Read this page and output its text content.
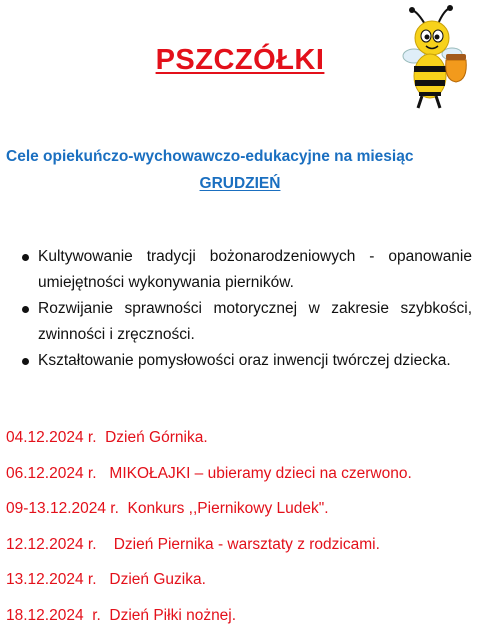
PSZCZÓŁKI
Cele opiekuńczo-wychowawczo-edukacyjne na miesiąc
GRUDZIEŃ
Kultywowanie tradycji bożonarodzeniowych - opanowanie umiejętności wykonywania pierników.
Rozwijanie sprawności motorycznej w zakresie szybkości, zwinności i zręczności.
Kształtowanie pomysłowości oraz inwencji twórczej dziecka.
04.12.2024 r.  Dzień Górnika.
06.12.2024 r.   MIKOŁAJKI – ubieramy dzieci na czerwono.
09-13.12.2024 r.  Konkurs ,,Piernikowy Ludek".
12.12.2024 r.    Dzień Piernika - warsztaty z rodzicami.
13.12.2024 r.   Dzień Guzika.
18.12.2024  r.  Dzień Piłki nożnej.
